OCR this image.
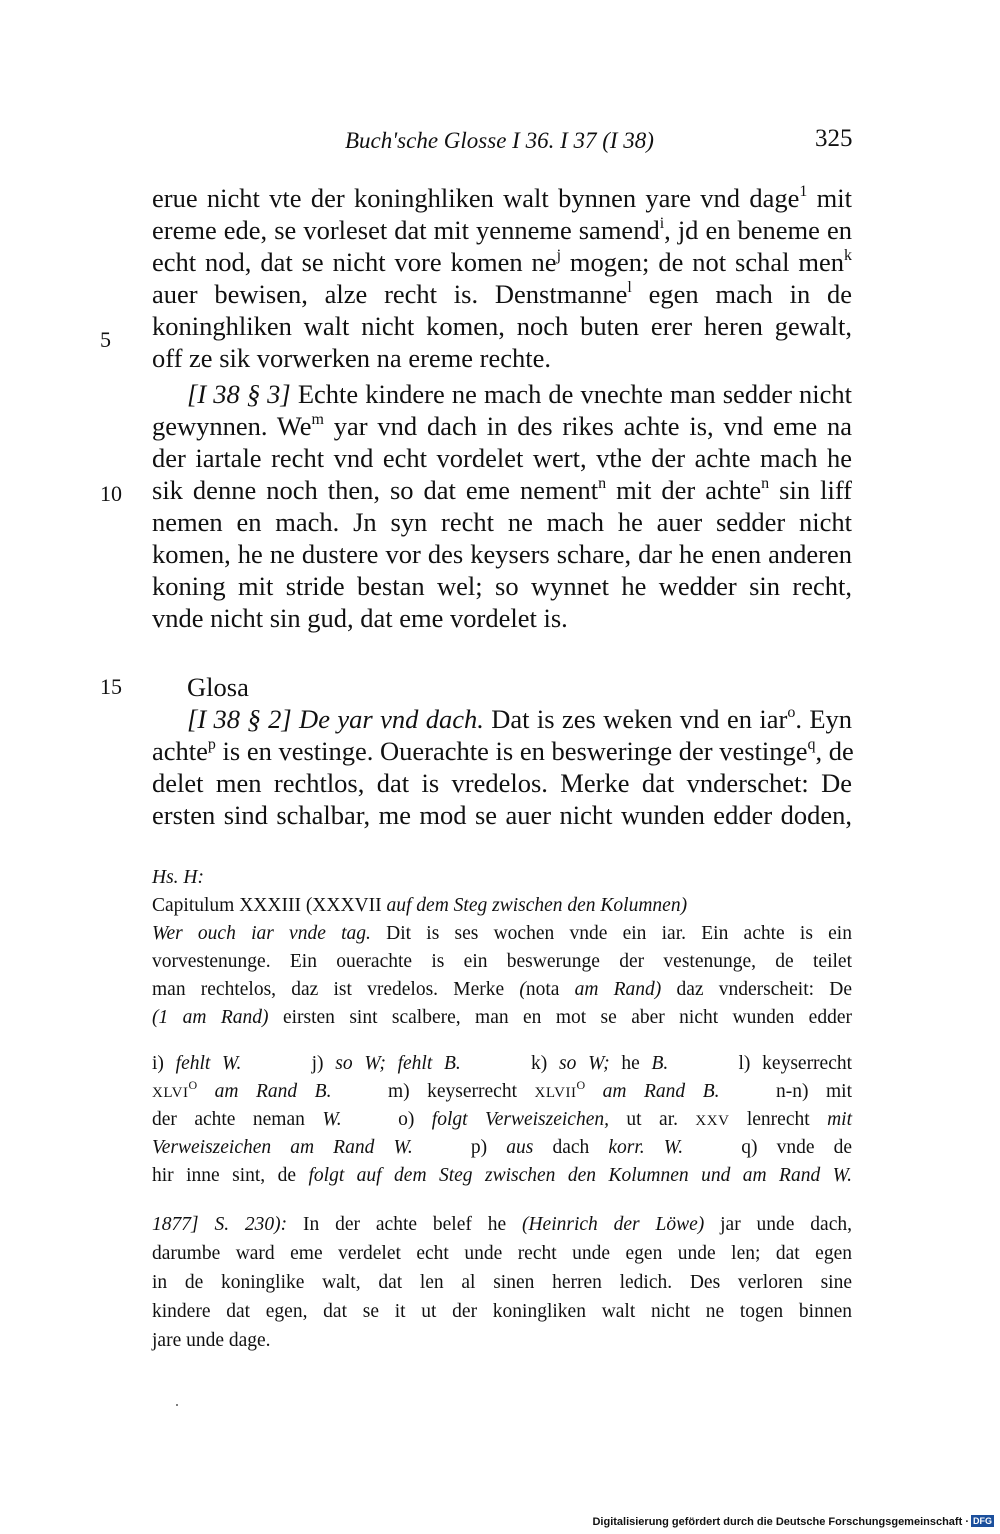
Buch'sche Glosse I 36. I 37 (I 38)	325
5
10
15
erue nicht vte der koninghliken walt bynnen yare vnd dage$^1$ mit
ereme ede, se vorleset dat mit yenneme samend$^i$, jd en beneme en
echt nod, dat se nicht vore komen $ne^j$ mogen; de not schal men$^k$
auer bewisen, alze recht is. Denstmanne$^l$ egen mach in de
koninghliken walt nicht komen, noch buten erer heren gewalt,
off ze sik vorwerken na ereme rechte.
[I 38 § 3] Echte kindere ne mach de vnechte man sedder nicht
gewynnen. We$^m$ yar vnd dach in des rikes achte is, vnd eme na
der iartale recht vnd echt vordelet wert, vthe der achte mach he
sik denne noch then, so dat eme nement$^n$ mit der achte$^n$ sin liff
nemen en mach. Jn syn recht ne mach he auer sedder nicht
komen, he ne dustere vor des keysers schare, dar he enen anderen
koning mit stride bestan wel; so wynnet he wedder sin recht,
vnde nicht sin gud, dat eme vordelet is.
Glosa
[I 38 § 2] De yar vnd dach. Dat is zes weken vnd en iar$^o$. Eyn
achte$^p$ is en vestinge. Oueracht​e is en besweringe der vestinge$^q$, de
delet men rechtlos, dat is vredelos. Merke dat vnderschet: De
ersten sind schalbar, me mod se auer nicht wunden edder doden,
Hs. H:
Capitulum XXXIII (XXXVII auf dem Steg zwischen den Kolumnen)
Wer ouch iar vnde tag. Dit is ses wochen vnde ein iar. Ein achte is ein
vorvestenunge. Ein ouerachte is ein beswerunge der vestenunge, de teilet
man rechtelos, daz ist vredelos. Merke (nota am Rand) daz vnderscheit: De
(1 am Rand) eirsten sint scalbere, man en mot se aber nicht wunden edder
i) fehlt W.   	j) so W; fehlt B.   	k) so W; he B.   	l) keyserrecht
$XLVI^O$ am Rand B.  	m) keyserrecht $XLVII^O$ am Rand B.  	n-n) mit
der achte neman W.  	o) folgt Verweiszeichen, ut ar. XXV lenrecht mit
Verweiszeichen am Rand W.  	p) aus dach korr. W.  	q) vnde de
hir inne sint, de folgt auf dem Steg zwischen den Kolumnen und am Rand W.
1877] S. 230): In der achte belef he (Heinrich der Löwe) jar unde dach,
darumbe ward eme verdelet echt unde recht unde egen unde len; dat egen
in de koninglike walt, dat len al sinen herren ledich. Des verloren sine
kindere dat egen, dat se it ut der koningliken walt nicht ne togen binnen
jare unde dage.
Digitalisierung gefördert durch die Deutsche Forschungsgemeinschaft · DFG
